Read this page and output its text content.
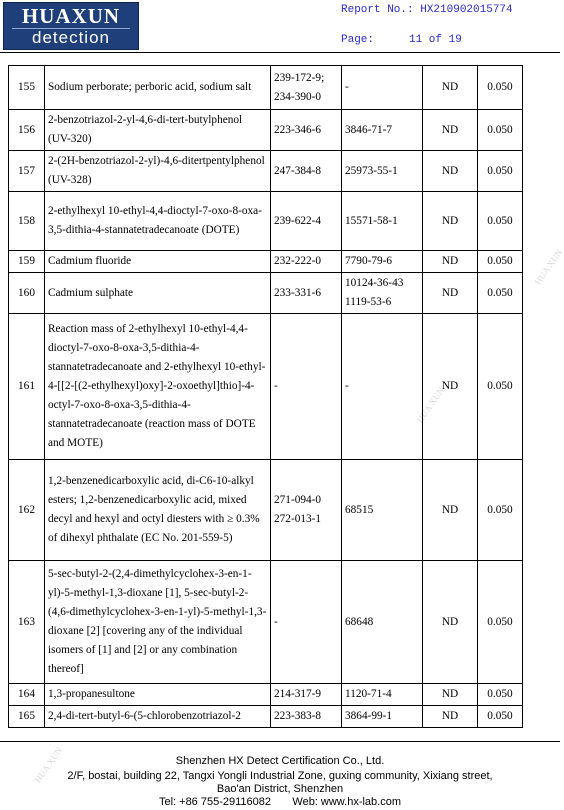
HUAXUN
detection
Report No.: HX210902015774
Page:	11 of 19
HUA XUN
HUA XUN
HUA XUN
155	Sodium perborate; perboric acid, sodium salt	239-172-9; 234-390-0	-	ND	0.050
156	2-benzotriazol-2-yl-4,6-di-tert-butylphenol (UV-320)	223-346-6	3846-71-7	ND	0.050
157	2-(2H-benzotriazol-2-yl)-4,6-ditertpentylphenol (UV-328)	247-384-8	25973-55-1	ND	0.050
158	2-ethylhexyl 10-ethyl-4,4-dioctyl-7-oxo-8-oxa-3,5-dithia-4-stannatetradecanoate (DOTE)	239-622-4	15571-58-1	ND	0.050
159	Cadmium fluoride	232-222-0	7790-79-6	ND	0.050
160	Cadmium sulphate	233-331-6	10124-36-43 1119-53-6	ND	0.050
161	Reaction mass of 2-ethylhexyl 10-ethyl-4,4-dioctyl-7-oxo-8-oxa-3,5-dithia-4-stannatetradecanoate and 2-ethylhexyl 10-ethyl-4-[[2-[(2-ethylhexyl)oxy]-2-oxoethyl]thio]-4-octyl-7-oxo-8-oxa-3,5-dithia-4-stannatetradecanoate (reaction mass of DOTE and MOTE)	-	-	ND	0.050
162	1,2-benzenedicarboxylic acid, di-C6-10-alkyl esters; 1,2-benzenedicarboxylic acid, mixed decyl and hexyl and octyl diesters with ≥ 0.3% of dihexyl phthalate (EC No. 201-559-5)	271-094-0 272-013-1	68515	ND	0.050
163	5-sec-butyl-2-(2,4-dimethylcyclohex-3-en-1-yl)-5-methyl-1,3-dioxane [1], 5-sec-butyl-2-(4,6-dimethylcyclohex-3-en-1-yl)-5-methyl-1,3-dioxane [2] [covering any of the individual isomers of [1] and [2] or any combination thereof]	-	68648	ND	0.050
164	1,3-propanesultone	214-317-9	1120-71-4	ND	0.050
165	2,4-di-tert-butyl-6-(5-chlorobenzotriazol-2	223-383-8	3864-99-1	ND	0.050
Shenzhen HX Detect Certification Co., Ltd.
2/F, bostai, building 22, Tangxi Yongli Industrial Zone, guxing community, Xixiang street,
Bao'an District, Shenzhen
Tel: +86 755-29116082       Web: www.hx-lab.com
